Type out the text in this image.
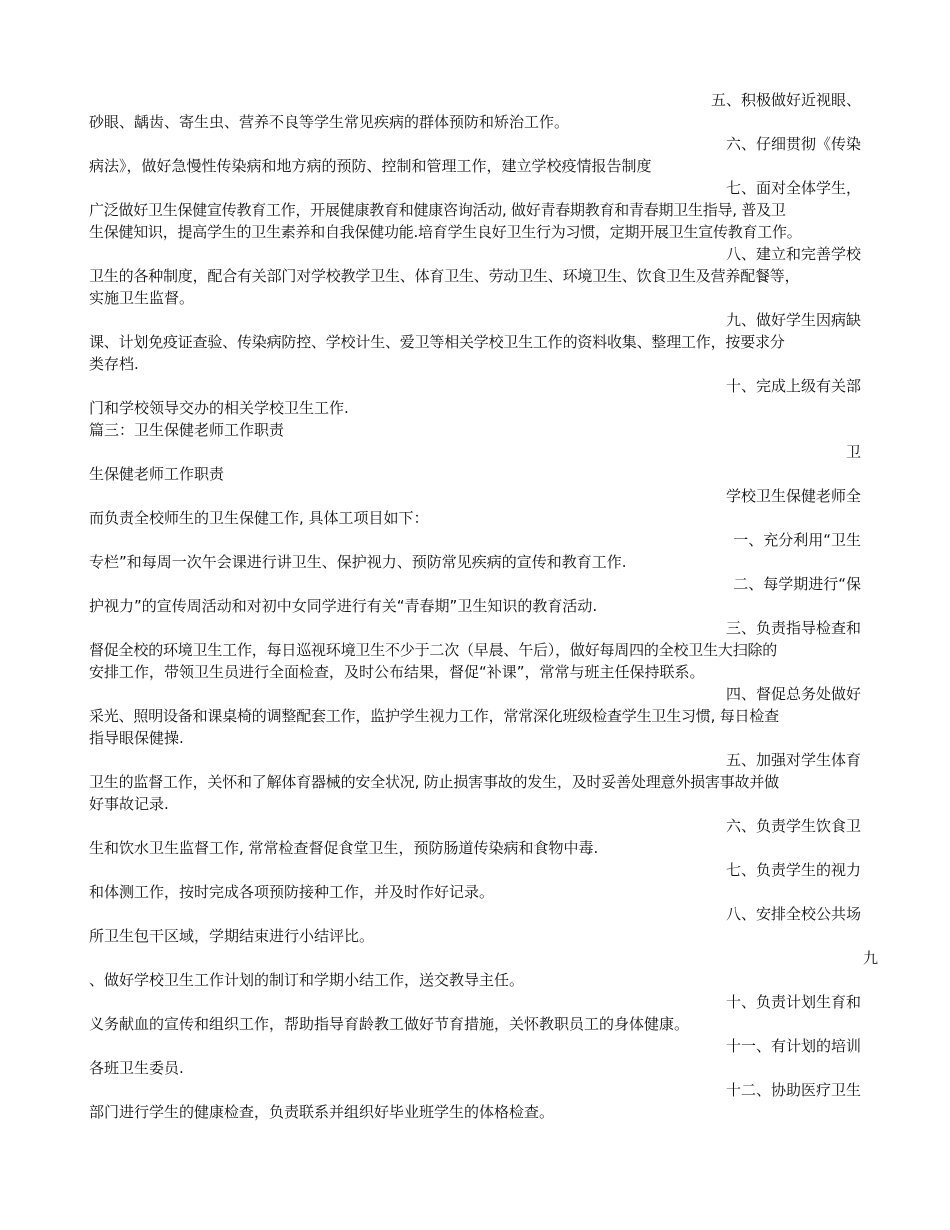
五、积极做好近视眼、
砂眼、龋齿、寄生虫、营养不良等学生常见疾病的群体预防和矫治工作。
六、仔细贯彻《传染
病法》，做好急慢性传染病和地方病的预防、控制和管理工作，建立学校疫情报告制度
七、面对全体学生，
广泛做好卫生保健宣传教育工作，开展健康教育和健康咨询活动, 做好青春期教育和青春期卫生指导, 普及卫
生保健知识，提高学生的卫生素养和自我保健功能.培育学生良好卫生行为习惯，定期开展卫生宣传教育工作。
八、建立和完善学校
卫生的各种制度，配合有关部门对学校教学卫生、体育卫生、劳动卫生、环境卫生、饮食卫生及营养配餐等，
实施卫生监督。
九、做好学生因病缺
课、计划免疫证查验、传染病防控、学校计生、爱卫等相关学校卫生工作的资料收集、整理工作，按要求分
类存档.
十、完成上级有关部
门和学校领导交办的相关学校卫生工作.
篇三：卫生保健老师工作职责
卫
生保健老师工作职责
学校卫生保健老师全
而负责全校师生的卫生保健工作, 具体工项目如下：
一、充分利用“卫生
专栏”和每周一次午会课进行讲卫生、保护视力、预防常见疾病的宣传和教育工作.
二、每学期进行“保
护视力”的宣传周活动和对初中女同学进行有关“青春期”卫生知识的教育活动.
三、负责指导检查和
督促全校的环境卫生工作，每日巡视环境卫生不少于二次（早晨、午后），做好每周四的全校卫生大扫除的
安排工作，带领卫生员进行全面检查，及时公布结果，督促“补课”，常常与班主任保持联系。
四、督促总务处做好
采光、照明设备和课桌椅的调整配套工作，监护学生视力工作，常常深化班级检查学生卫生习惯, 每日检查
指导眼保健操.
五、加强对学生体育
卫生的监督工作，关怀和了解体育器械的安全状况, 防止损害事故的发生，及时妥善处理意外损害事故并做
好事故记录.
六、负责学生饮食卫
生和饮水卫生监督工作, 常常检查督促食堂卫生，预防肠道传染病和食物中毒.
七、负责学生的视力
和体测工作，按时完成各项预防接种工作，并及时作好记录。
八、安排全校公共场
所卫生包干区域，学期结束进行小结评比。
九
、做好学校卫生工作计划的制订和学期小结工作，送交教导主任。
十、负责计划生育和
义务献血的宣传和组织工作，帮助指导育龄教工做好节育措施，关怀教职员工的身体健康。
十一、有计划的培训
各班卫生委员.
十二、协助医疗卫生
部门进行学生的健康检查，负责联系并组织好毕业班学生的体格检查。
